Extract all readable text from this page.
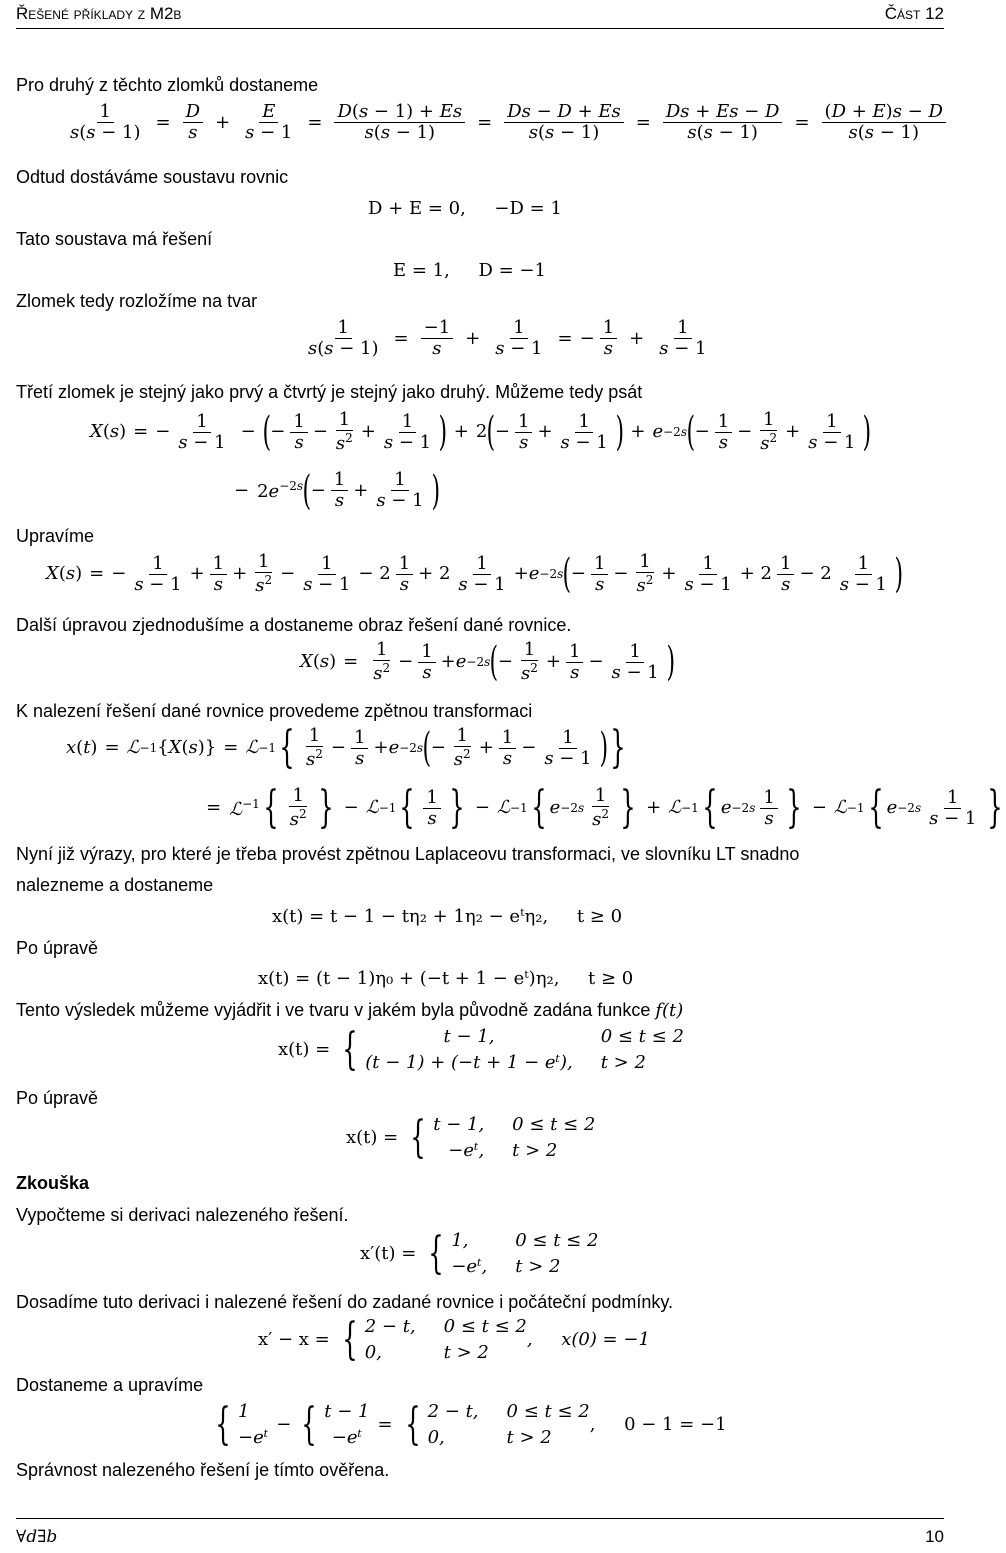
Řešené příklady z M2b	Část 12
Pro druhý z těchto zlomků dostaneme
$\frac{1}{s(s - 1)} = \frac{D}{s} + \frac{E}{s - 1} = \frac{D(s - 1) + Es}{s(s - 1)} = \frac{Ds - D + Es}{s(s - 1)} = \frac{Ds + Es - D}{s(s - 1)} = \frac{(D + E)s - D}{s(s - 1)}$
Odtud dostáváme soustavu rovnic
D + E = 0,     −D = 1
Tato soustava má řešení
E = 1,     D = −1
Zlomek tedy rozložíme na tvar
$\frac{1}{s(s - 1)} = \frac{-1}{s} + \frac{1}{s - 1}$ = − $\frac{1}{s} + \frac{1}{s - 1}$
Třetí zlomek je stejný jako prvý a čtvrtý je stejný jako druhý. Můžeme tedy psát
X ( s ) = − $\frac{1}{s - 1}$ − ( − 1
s −
1
$s^2 + 1$
s − 1 ) + 2 ( − 1
s + 1
s − 1 ) + e −2s ( − 1
s −
1
$s^2 + 1$
s − 1 )
− $2e^{-2s}$ ( − 1
s + 1
s − 1 )
Upravíme
X ( s ) = − $\frac{1}{s - 1} + 1$
s +
1
$s^2 - 1$
s − 1 − 2 1
s + 2 1
s − 1 + e −2s ( − 1
s −
1
$s^2 + 1$
s − 1 + 2 1
s − 2 1
s − 1 )
Další úpravou zjednodušíme a dostaneme obraz řešení dané rovnice.
X ( s ) = $\frac{1}{s^2} - 1$
s + e −2s ( −
1
$s^2 + 1$
s − 1
s − 1 )
K nalezení řešení dané rovnice provedeme zpětnou transformaci
x ( t ) = ℒ −1 { X ( s )} = ℒ −1 { 1
$s^2 - 1$
s + e −2s ( −
1
$s^2 + 1$
s − 1
s − 1 ) }
= ℒ$^{-1}$ { 1
$s^2$ } − ℒ −1 { 1
s } − ℒ −1 { e −2s
1
$s^2$ } + ℒ −1 { e −2s
1
s } − ℒ −1 { e −2s
1
s − 1 }
Nyní již výrazy, pro které je třeba provést zpětnou Laplaceovu transformaci, ve slovníku LT snadno
nalezneme a dostaneme
x(t) = t − 1 − tη₂ + 1η₂ − eᵗη₂,     t ≥ 0
Po úpravě
x(t) = (t − 1)η₀ + (−t + 1 − eᵗ)η₂,     t ≥ 0
Tento výsledek můžeme vyjádřit i ve tvaru v jakém byla původně zadána funkce f(t)
x(t) = {	t − 1,	0 ≤ t ≤ 2
(t − 1) + (−t + 1 − eᵗ), t > 2
Po úpravě
x(t) = { t − 1, 0 ≤ t ≤ 2
−eᵗ, t > 2
Zkouška
Vypočteme si derivaci nalezeného řešení.
x′(t) = { 1,	0 ≤ t ≤ 2
−eᵗ, t > 2
Dosadíme tuto derivaci i nalezené řešení do zadané rovnice i počáteční podmínky.
x′ − x = { 2 − t, 0 ≤ t ≤ 2
0,	t > 2
,     x(0) = −1
Dostaneme a upravíme
{ 1
−eᵗ
− { t − 1
−eᵗ
= { 2 − t, 0 ≤ t ≤ 2
0,	t > 2
,     0 − 1 = −1
Správnost nalezeného řešení je tímto ověřena.
∀d∃b	10
